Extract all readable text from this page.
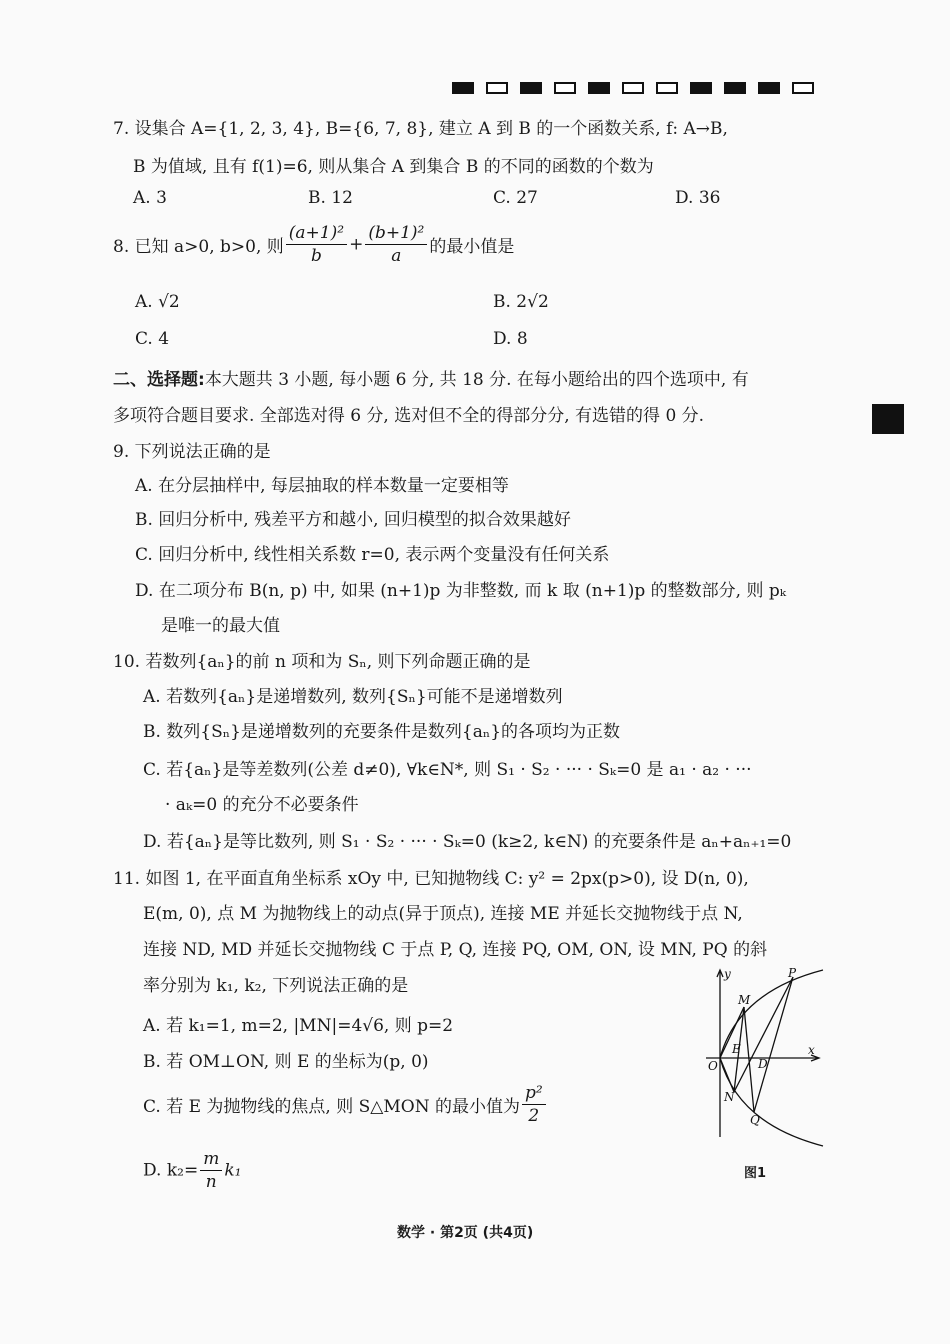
7. 设集合 A={1, 2, 3, 4}, B={6, 7, 8}, 建立 A 到 B 的一个函数关系, f: A→B,
B 为值域, 且有 f(1)=6, 则从集合 A 到集合 B 的不同的函数的个数为
A. 3	B. 12	C. 27	D. 36
8. 已知 a>0, b>0, 则 $\frac{\text{(a+1)²}}{b} + \frac{\text{(b+1)²}}{a}$ 的最小值是
A. √2	B. 2√2
C. 4	D. 8
二、选择题:本大题共 3 小题, 每小题 6 分, 共 18 分. 在每小题给出的四个选项中, 有
多项符合题目要求. 全部选对得 6 分, 选对但不全的得部分分, 有选错的得 0 分.
9. 下列说法正确的是
A. 在分层抽样中, 每层抽取的样本数量一定要相等
B. 回归分析中, 残差平方和越小, 回归模型的拟合效果越好
C. 回归分析中, 线性相关系数 r=0, 表示两个变量没有任何关系
D. 在二项分布 B(n, p) 中, 如果 (n+1)p 为非整数, 而 k 取 (n+1)p 的整数部分, 则 pₖ
是唯一的最大值
10. 若数列{aₙ}的前 n 项和为 Sₙ, 则下列命题正确的是
A. 若数列{aₙ}是递增数列, 数列{Sₙ}可能不是递增数列
B. 数列{Sₙ}是递增数列的充要条件是数列{aₙ}的各项均为正数
C. 若{aₙ}是等差数列(公差 d≠0), ∀k∈N*, 则 S₁ · S₂ · ··· · Sₖ=0 是 a₁ · a₂ · ···
· aₖ=0 的充分不必要条件
D. 若{aₙ}是等比数列, 则 S₁ · S₂ · ··· · Sₖ=0 (k≥2, k∈N) 的充要条件是 aₙ+aₙ₊₁=0
11. 如图 1, 在平面直角坐标系 xOy 中, 已知抛物线 C: y² = 2px(p>0), 设 D(n, 0),
E(m, 0), 点 M 为抛物线上的动点(异于顶点), 连接 ME 并延长交抛物线于点 N,
连接 ND, MD 并延长交抛物线 C 于点 P, Q, 连接 PQ, OM, ON, 设 MN, PQ 的斜
率分别为 k₁, k₂, 下列说法正确的是
A. 若 k₁=1, m=2, |MN|=4√6, 则 p=2
B. 若 OM⊥ON, 则 E 的坐标为(p, 0)
C. 若 E 为抛物线的焦点, 则 S△MON 的最小值为 $\frac{\text{p²}}{2}$
D. $k_2= \frac{m}{n} k_1$
y
x
O
E
D
M
N
P
Q
图1
数学 · 第2页 (共4页)
